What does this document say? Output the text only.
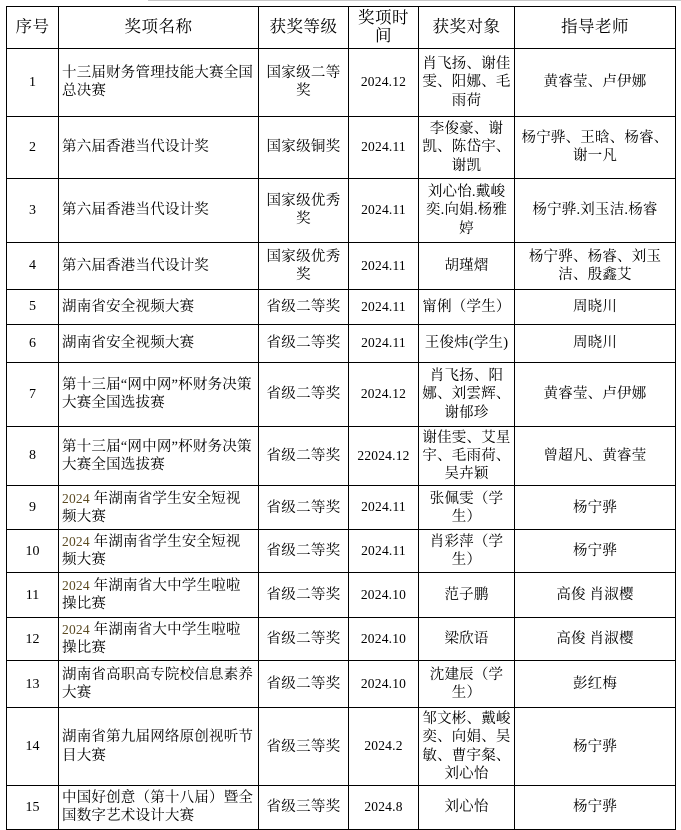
序号	奖项名称	获奖等级	奖项时间	获奖对象	指导老师
1	十三届财务管理技能大赛全国总决赛	国家级二等奖	2024.12	肖飞扬、谢佳雯、阳娜、毛雨荷	黄睿莹、卢伊娜
2	第六届香港当代设计奖	国家级铜奖	2024.11	李俊豪、谢凯、陈岱宇、谢凯	杨宁骅、王晗、杨睿、谢一凡
3	第六届香港当代设计奖	国家级优秀奖	2024.11	刘心怡.戴峻奕.向娟.杨雅婷	杨宁骅.刘玉洁.杨睿
4	第六届香港当代设计奖	国家级优秀奖	2024.11	胡瑾熠	杨宁骅、杨睿、刘玉洁、殷鑫艾
5	湖南省安全视频大赛	省级二等奖	2024.11	甯俐（学生）	周晓川
6	湖南省安全视频大赛	省级二等奖	2024.11	王俊炜(学生)	周晓川
7	第十三届“网中网”杯财务决策大赛全国选拔赛	省级二等奖	2024.12	肖飞扬、阳娜、刘雲辉、谢郁珍	黄睿莹、卢伊娜
8	第十三届“网中网”杯财务决策大赛全国选拔赛	省级二等奖	22024.12	谢佳雯、艾星宇、毛雨荷、吴卉颖	曾超凡、黄睿莹
9	2024 年湖南省学生安全短视频大赛	省级二等奖	2024.11	张佩雯（学生）	杨宁骅
10	2024 年湖南省学生安全短视频大赛	省级二等奖	2024.11	肖彩萍（学生）	杨宁骅
11	2024 年湖南省大中学生啦啦操比赛	省级二等奖	2024.10	范子鹏	高俊 肖淑樱
12	2024 年湖南省大中学生啦啦操比赛	省级二等奖	2024.10	梁欣语	高俊 肖淑樱
13	湖南省高职高专院校信息素养大赛	省级二等奖	2024.10	沈建辰（学生）	彭红梅
14	湖南省第九届网络原创视听节目大赛	省级三等奖	2024.2	邹文彬、戴峻奕、向娟、吴敏、曹宇粲、刘心怡	杨宁骅
15	中国好创意（第十八届）暨全国数字艺术设计大赛	省级三等奖	2024.8	刘心怡	杨宁骅
